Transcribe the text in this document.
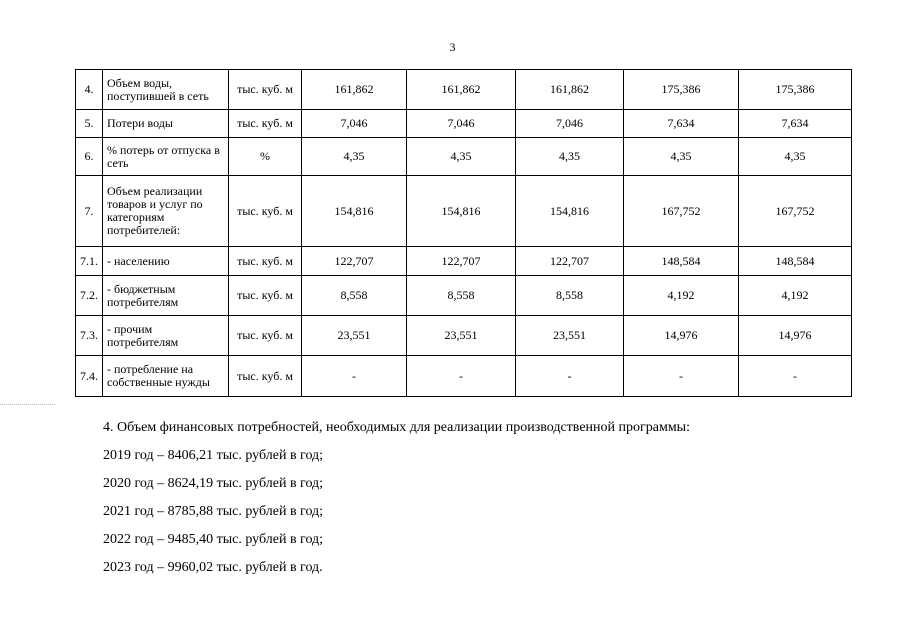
3
4.	Объем воды, поступившей в сеть	тыс. куб. м	161,862	161,862	161,862	175,386	175,386
5.	Потери воды	тыс. куб. м	7,046	7,046	7,046	7,634	7,634
6.	% потерь от отпуска в сеть	%	4,35	4,35	4,35	4,35	4,35
7.	Объем реализации товаров и услуг по категориям потребителей:	тыс. куб. м	154,816	154,816	154,816	167,752	167,752
7.1.	- населению	тыс. куб. м	122,707	122,707	122,707	148,584	148,584
7.2.	- бюджетным потребителям	тыс. куб. м	8,558	8,558	8,558	4,192	4,192
7.3.	- прочим потребителям	тыс. куб. м	23,551	23,551	23,551	14,976	14,976
7.4.	- потребление на собственные нужды	тыс. куб. м	-	-	-	-	-

4. Объем финансовых потребностей, необходимых для реализации производственной программы:

2019 год – 8406,21 тыс. рублей в год;

2020 год – 8624,19 тыс. рублей в год;

2021 год – 8785,88 тыс. рублей в год;

2022 год – 9485,40 тыс. рублей в год;

2023 год – 9960,02 тыс. рублей в год.
